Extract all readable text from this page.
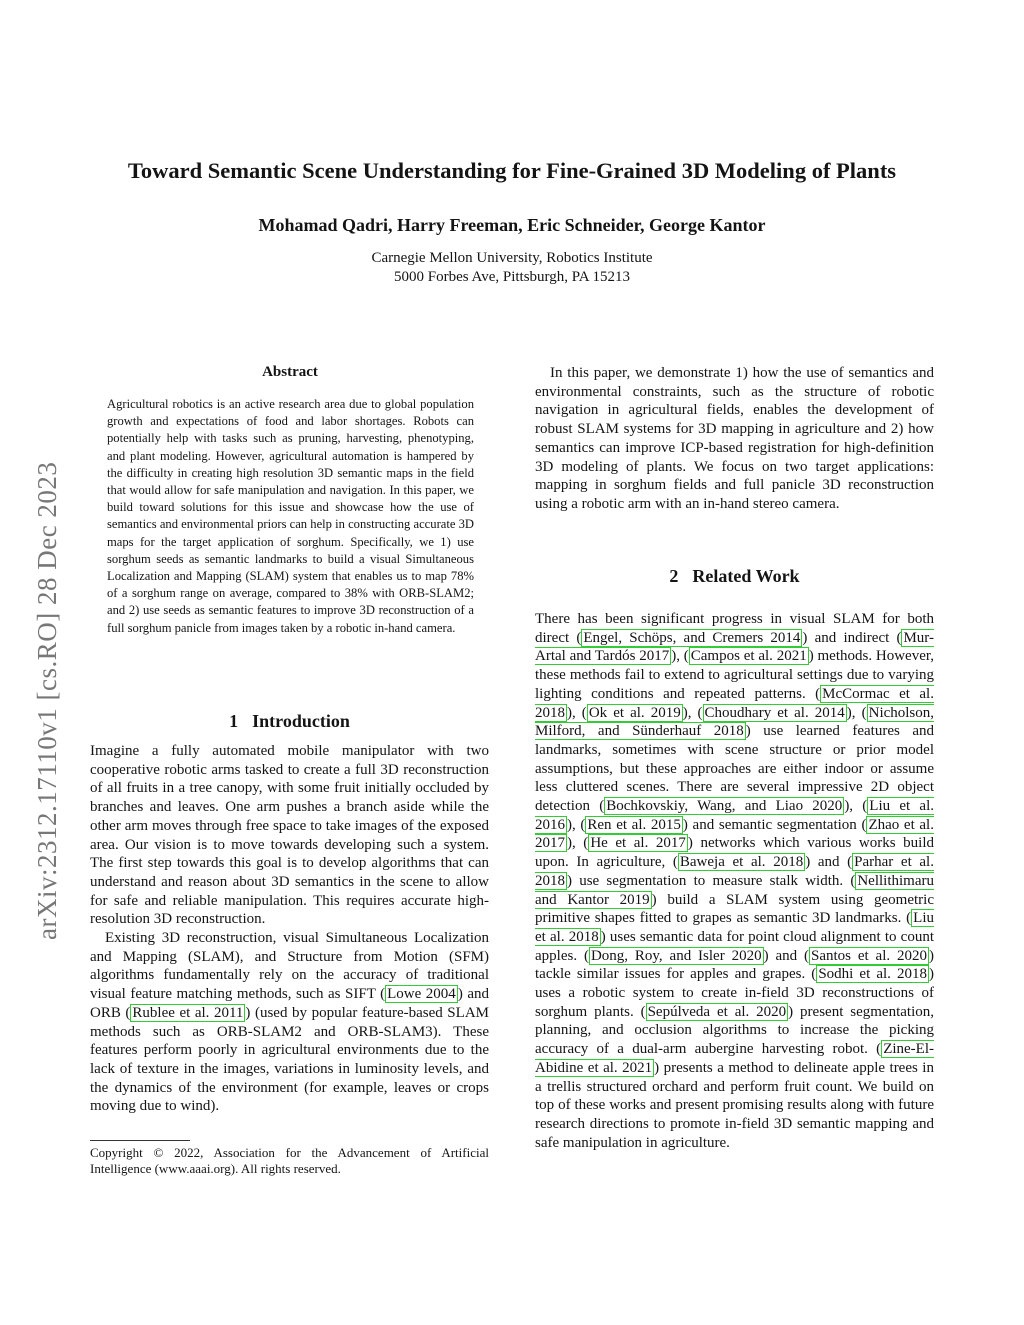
arXiv:2312.17110v1 [cs.RO] 28 Dec 2023
Toward Semantic Scene Understanding for Fine-Grained 3D Modeling of Plants
Mohamad Qadri, Harry Freeman, Eric Schneider, George Kantor
Carnegie Mellon University, Robotics Institute
5000 Forbes Ave, Pittsburgh, PA 15213
Abstract

Agricultural robotics is an active research area due to global population growth and expectations of food and labor shortages. Robots can potentially help with tasks such as pruning, harvesting, phenotyping, and plant modeling. However, agricultural automation is hampered by the difficulty in creating high resolution 3D semantic maps in the field that would allow for safe manipulation and navigation. In this paper, we build toward solutions for this issue and showcase how the use of semantics and environmental priors can help in constructing accurate 3D maps for the target application of sorghum. Specifically, we 1) use sorghum seeds as semantic landmarks to build a visual Simultaneous Localization and Mapping (SLAM) system that enables us to map 78% of a sorghum range on average, compared to 38% with ORB-SLAM2; and 2) use seeds as semantic features to improve 3D reconstruction of a full sorghum panicle from images taken by a robotic in-hand camera.

1 Introduction

Imagine a fully automated mobile manipulator with two cooperative robotic arms tasked to create a full 3D reconstruction of all fruits in a tree canopy, with some fruit initially occluded by branches and leaves. One arm pushes a branch aside while the other arm moves through free space to take images of the exposed area. Our vision is to move towards developing such a system. The first step towards this goal is to develop algorithms that can understand and reason about 3D semantics in the scene to allow for safe and reliable manipulation. This requires accurate high-resolution 3D reconstruction.

Existing 3D reconstruction, visual Simultaneous Localization and Mapping (SLAM), and Structure from Motion (SFM) algorithms fundamentally rely on the accuracy of traditional visual feature matching methods, such as SIFT ( Lowe 2004 ) and ORB ( Rublee et al. 2011 ) (used by popular feature-based SLAM methods such as ORB-SLAM2 and ORB-SLAM3). These features perform poorly in agricultural environments due to the lack of texture in the images, variations in luminosity levels, and the dynamics of the environment (for example, leaves or crops moving due to wind).

Copyright © 2022, Association for the Advancement of Artificial Intelligence (www.aaai.org). All rights reserved.
In this paper, we demonstrate 1) how the use of semantics and environmental constraints, such as the structure of robotic navigation in agricultural fields, enables the development of robust SLAM systems for 3D mapping in agriculture and 2) how semantics can improve ICP-based registration for high-definition 3D modeling of plants. We focus on two target applications: mapping in sorghum fields and full panicle 3D reconstruction using a robotic arm with an in-hand stereo camera.
2 Related Work

There has been significant progress in visual SLAM for both direct ( Engel, Schöps, and Cremers 2014 ) and indirect ( Mur-Artal and Tardós 2017 ), ( Campos et al. 2021 ) methods. However, these methods fail to extend to agricultural settings due to varying lighting conditions and repeated patterns. ( McCormac et al. 2018 ), ( Ok et al. 2019 ), ( Choudhary et al. 2014 ), ( Nicholson, Milford, and Sünderhauf 2018 ) use learned features and landmarks, sometimes with scene structure or prior model assumptions, but these approaches are either indoor or assume less cluttered scenes. There are several impressive 2D object detection ( Bochkovskiy, Wang, and Liao 2020 ), ( Liu et al. 2016 ), ( Ren et al. 2015 ) and semantic segmentation ( Zhao et al. 2017 ), ( He et al. 2017 ) networks which various works build upon. In agriculture, ( Baweja et al. 2018 ) and ( Parhar et al. 2018 ) use segmentation to measure stalk width. ( Nellithimaru and Kantor 2019 ) build a SLAM system using geometric primitive shapes fitted to grapes as semantic 3D landmarks. ( Liu et al. 2018 ) uses semantic data for point cloud alignment to count apples. ( Dong, Roy, and Isler 2020 ) and ( Santos et al. 2020 ) tackle similar issues for apples and grapes. ( Sodhi et al. 2018 ) uses a robotic system to create in-field 3D reconstructions of sorghum plants. ( Sepúlveda et al. 2020 ) present segmentation, planning, and occlusion algorithms to increase the picking accuracy of a dual-arm aubergine harvesting robot. ( Zine-El-Abidine et al. 2021 ) presents a method to delineate apple trees in a trellis structured orchard and perform fruit count. We build on top of these works and present promising results along with future research directions to promote in-field 3D semantic mapping and safe manipulation in agriculture.
